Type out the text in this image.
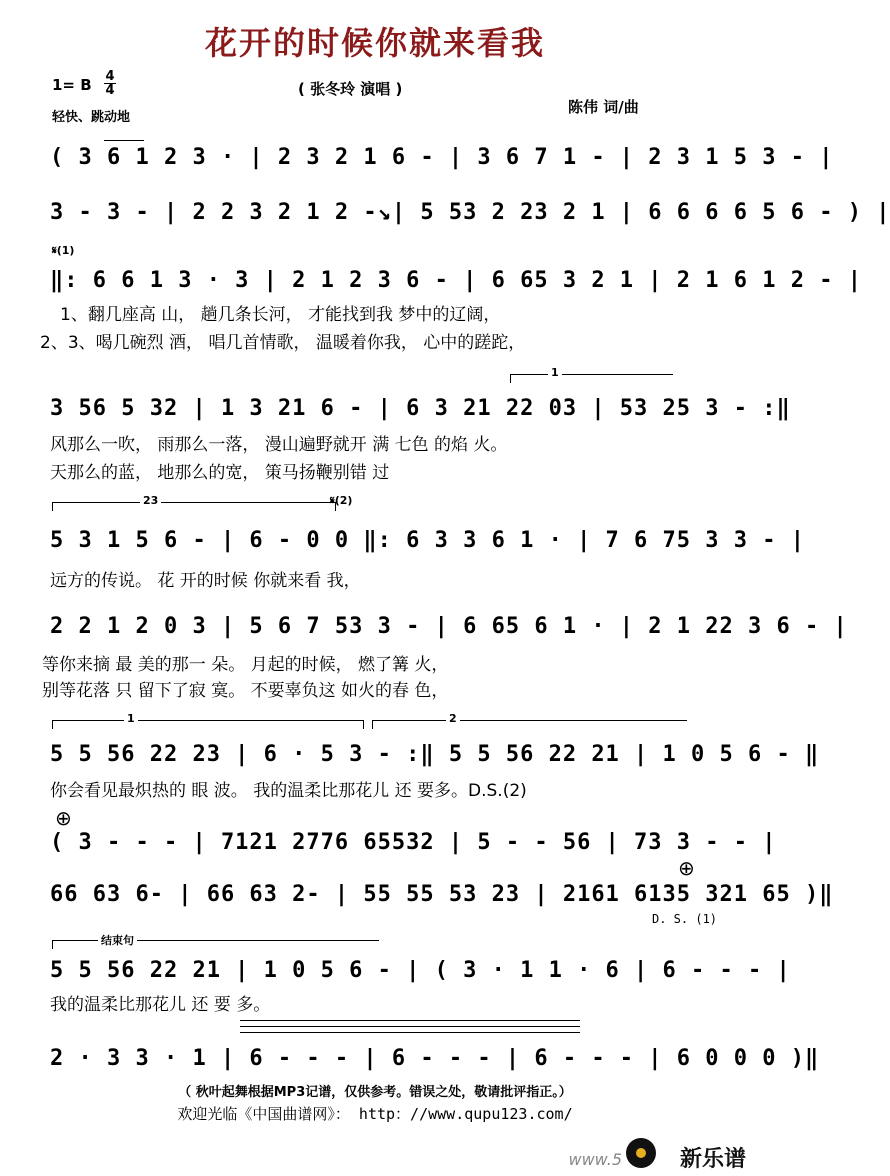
花开的时候你就来看我
1= B 4
4
轻快、跳动地
( 张冬玲 演唱 )
陈伟 词/曲
( 3 6 1 2 3 · | 2 3 2 1 6 - | 3 6 7 1 - | 2 3 1 5 3 - |
3 - 3 - | 2 2 3 2 1 2 -↘| 5 53 2 23 2 1 | 6 6 6 6 5 6 - ) |
𝄋(1)
‖: 6 6 1 3 · 3 | 2 1 2 3 6 - | 6 65 3 2 1 | 2 1 6 1 2 - |
1、翻几座高 山， 趟几条长河， 才能找到我 梦中的辽阔，
2、3、喝几碗烈 酒， 唱几首情歌， 温暖着你我， 心中的蹉跎，
1
3 56 5 32 | 1 3 21 6 - | 6 3 21 22 03 | 53 25 3 - :‖
风那么一吹， 雨那么一落， 漫山遍野就开 满 七色 的焰 火。
天那么的蓝， 地那么的宽， 策马扬鞭别错 过
23	𝄋(2)
5 3 1 5 6 - | 6 - 0 0 ‖: 6 3 3 6 1 · | 7 6 75 3 3 - |
远方的传说。 花 开的时候 你就来看 我，
2 2 1 2 0 3 | 5 6 7 53 3 - | 6 65 6 1 · | 2 1 22 3 6 - |
等你来摘 最 美的那一 朵。 月起的时候， 燃了篝 火，
别等花落 只 留下了寂 寞。 不要辜负这 如火的春 色，
1	2
5 5 56 22 23 | 6 · 5 3 - :‖ 5 5 56 22 21 | 1 0 5 6 - ‖
你会看见最炽热的 眼 波。 我的温柔比那花儿 还 要多。D.S.(2)
⊕
( 3 - - - | 7121 2776 65532 | 5 - - 56 | 73 3 - - |
66 63 6- | 66 63 2- | 55 55 53 23 | 2161 6135 321 65 )‖
⊕
D. S. (1)
结束句
5 5 56 22 21 | 1 0 5 6 - | ( 3 · 1 1 · 6 | 6 - - - |
我的温柔比那花儿 还 要 多。
2 · 3 3 · 1 | 6 - - - | 6 - - - | 6 - - - | 6 0 0 0 )‖
（ 秋叶起舞根据MP3记谱，仅供参考。错误之处，敬请批评指正。）
欢迎光临《中国曲谱网》： http：//www.qupu123.com/
www.5	新乐谱
